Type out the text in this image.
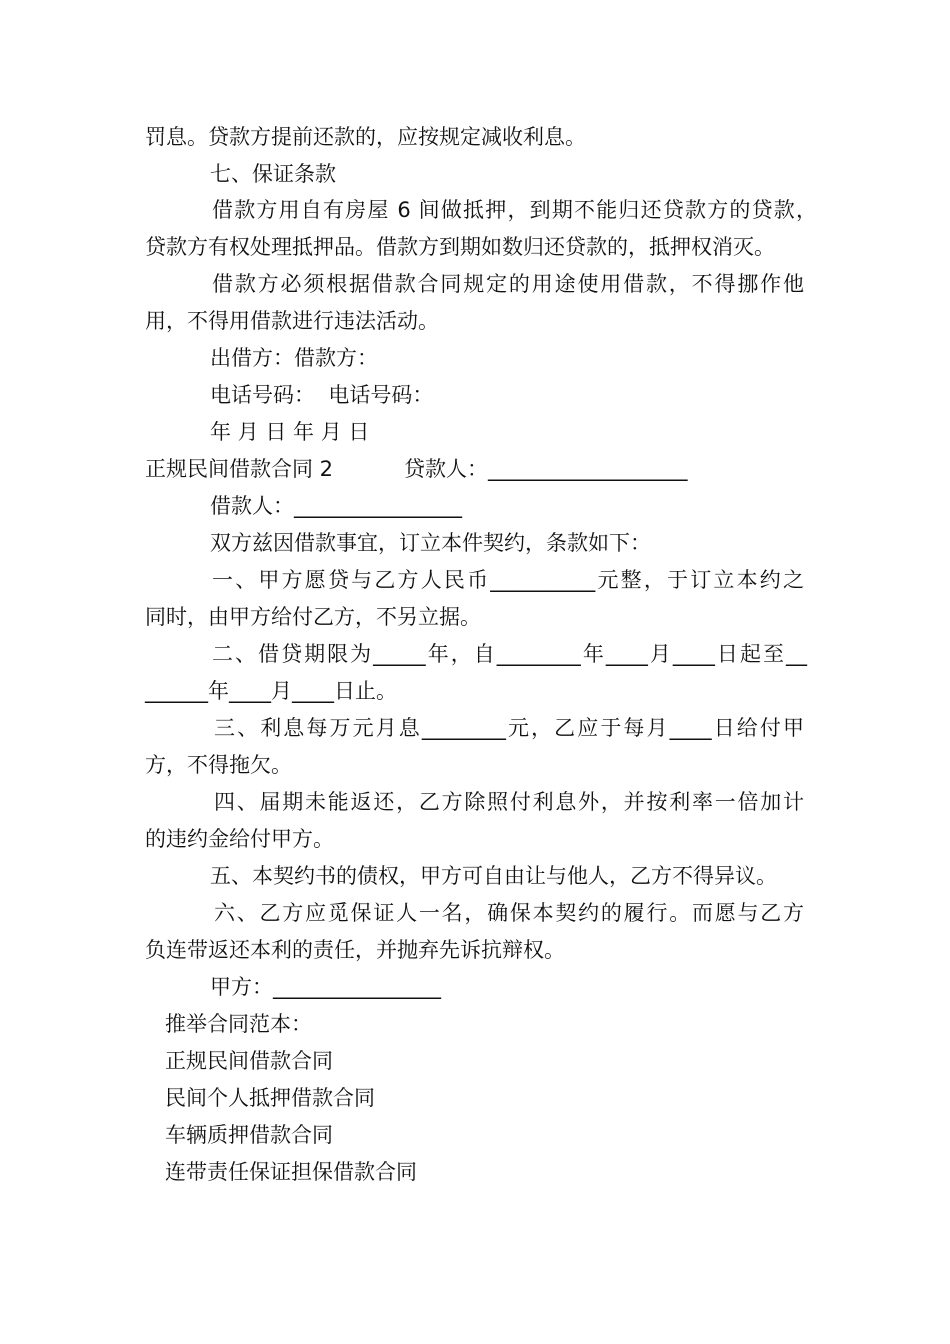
罚息。贷款方提前还款的，应按规定减收利息。
七、保证条款
借款方用自有房屋 6 间做抵押，到期不能归还贷款方的贷款，
贷款方有权处理抵押品。借款方到期如数归还贷款的，抵押权消灭。
借款方必须根据借款合同规定的用途使用借款，不得挪作他
用，不得用借款进行违法活动。
出借方：借款方：
电话号码：  电话号码：
年 月 日 年 月 日
正规民间借款合同 2	贷款人：___________________
借款人：________________
双方兹因借款事宜，订立本件契约，条款如下：
一、甲方愿贷与乙方人民币__________元整，于订立本约之
同时，由甲方给付乙方，不另立据。
二、借贷期限为_____年，自________年____月____日起至__
______年____月____日止。
三、利息每万元月息________元，乙应于每月____日给付甲
方，不得拖欠。
四、届期未能返还，乙方除照付利息外，并按利率一倍加计
的违约金给付甲方。
五、本契约书的债权，甲方可自由让与他人，乙方不得异议。
六、乙方应觅保证人一名，确保本契约的履行。而愿与乙方
负连带返还本利的责任，并抛弃先诉抗辩权。
甲方：________________
推举合同范本：
正规民间借款合同
民间个人抵押借款合同
车辆质押借款合同
连带责任保证担保借款合同
